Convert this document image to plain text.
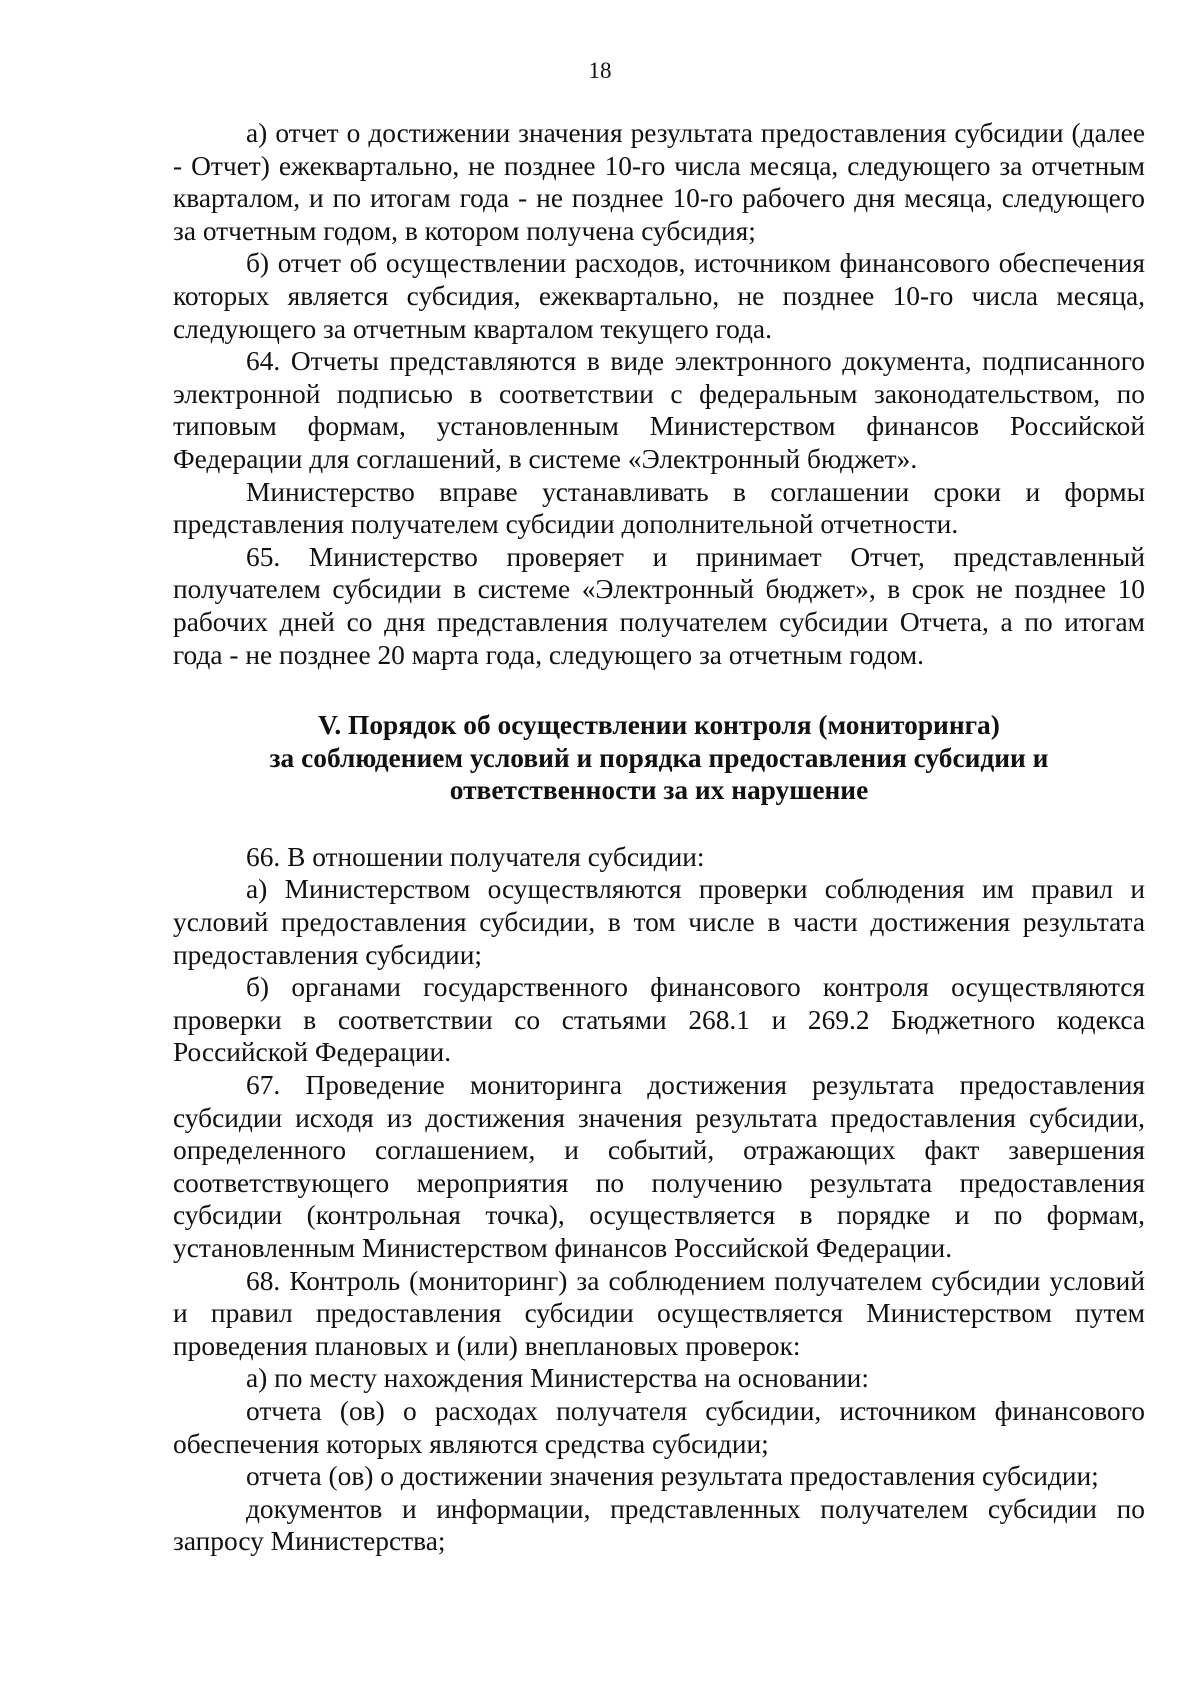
18

а) отчет о достижении значения результата предоставления субсидии (далее - Отчет) ежеквартально, не позднее 10-го числа месяца, следующего за отчетным кварталом, и по итогам года - не позднее 10-го рабочего дня месяца, следующего за отчетным годом, в котором получена субсидия;

б) отчет об осуществлении расходов, источником финансового обеспечения которых является субсидия, ежеквартально, не позднее 10-го числа месяца, следующего за отчетным кварталом текущего года.

64. Отчеты представляются в виде электронного документа, подписанного электронной подписью в соответствии с федеральным законодательством, по типовым формам, установленным Министерством финансов Российской Федерации для соглашений, в системе «Электронный бюджет».

Министерство вправе устанавливать в соглашении сроки и формы представления получателем субсидии дополнительной отчетности.

65. Министерство проверяет и принимает Отчет, представленный получателем субсидии в системе «Электронный бюджет», в срок не позднее 10 рабочих дней со дня представления получателем субсидии Отчета, а по итогам года - не позднее 20 марта года, следующего за отчетным годом.

V. Порядок об осуществлении контроля (мониторинга)
за соблюдением условий и порядка предоставления субсидии и
ответственности за их нарушение

66. В отношении получателя субсидии:

а) Министерством осуществляются проверки соблюдения им правил и условий предоставления субсидии, в том числе в части достижения результата предоставления субсидии;

б) органами государственного финансового контроля осуществляются проверки в соответствии со статьями 268.1 и 269.2 Бюджетного кодекса Российской Федерации.

67. Проведение мониторинга достижения результата предоставления субсидии исходя из достижения значения результата предоставления субсидии, определенного соглашением, и событий, отражающих факт завершения соответствующего мероприятия по получению результата предоставления субсидии (контрольная точка), осуществляется в порядке и по формам, установленным Министерством финансов Российской Федерации.

68. Контроль (мониторинг) за соблюдением получателем субсидии условий и правил предоставления субсидии осуществляется Министерством путем проведения плановых и (или) внеплановых проверок:

а) по месту нахождения Министерства на основании:

отчета (ов) о расходах получателя субсидии, источником финансового обеспечения которых являются средства субсидии;

отчета (ов) о достижении значения результата предоставления субсидии;

документов и информации, представленных получателем субсидии по запросу Министерства;
